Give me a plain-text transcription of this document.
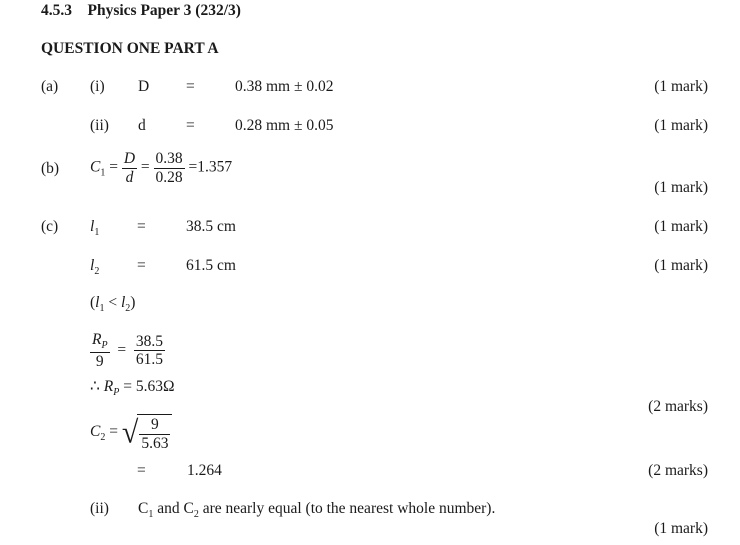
4.5.3 Physics Paper 3 (232/3)
QUESTION ONE PART A
(a) (i) D =	0.38 mm ± 0.02	(1 mark)
(ii) d	=	0.28 mm ± 0.05	(1 mark)
(b) $C_1 = \frac{D}{d} = \frac{0.38}{0.28} =1.357$
(1 mark)
(c) $l_1$ =	38.5 cm	(1 mark)
$l_2$ =	61.5 cm	(1 mark)
$(l_1 < l_2)$
$\frac{R_P}{9} = \frac{38.5}{61.5}$
∴ $R_P = 5.63\Omega$
(2 marks)
$C_2$ = √ $\frac{9}{5.63}$
=	1.264	(2 marks)
(ii) $C_1$ and $C_2$ are nearly equal (to the nearest whole number).
(1 mark)
